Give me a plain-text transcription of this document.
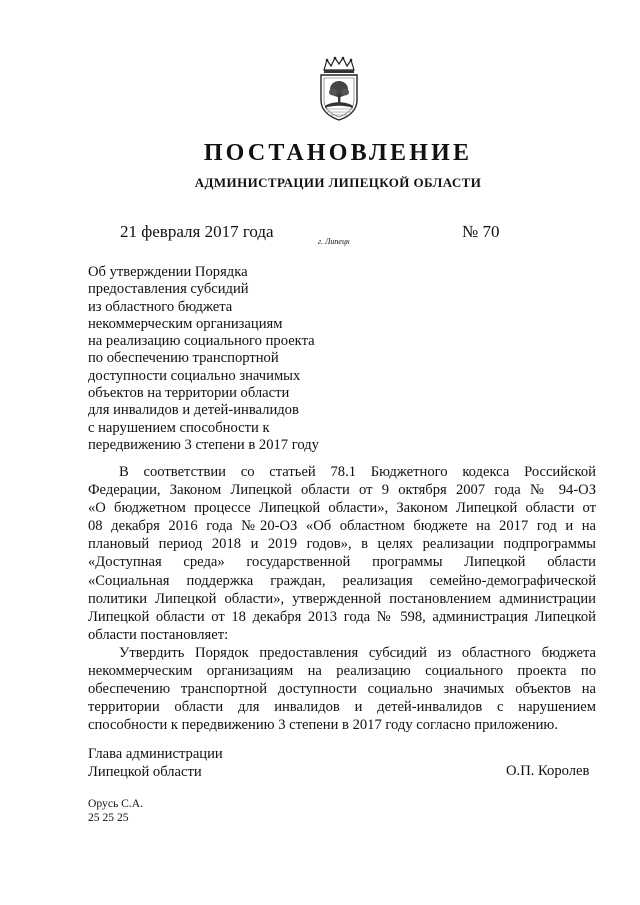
ПОСТАНОВЛЕНИЕ
АДМИНИСТРАЦИИ ЛИПЕЦКОЙ ОБЛАСТИ
21 февраля 2017 года
г. Липецк
№ 70
Об утверждении Порядка
предоставления субсидий
из областного бюджета
некоммерческим организациям
на реализацию социального проекта
по обеспечению транспортной
доступности социально значимых
объектов на территории области
для инвалидов и детей-инвалидов
с нарушением способности к
передвижению 3 степени в 2017 году
В соответствии со статьей 78.1 Бюджетного кодекса Российской
Федерации, Законом Липецкой области от 9 октября 2007 года № 94-ОЗ
«О бюджетном процессе Липецкой области», Законом Липецкой области от
08 декабря 2016 года №20-ОЗ «Об областном бюджете на 2017 год и на
плановый период 2018 и 2019 годов», в целях реализации подпрограммы
«Доступная среда» государственной программы Липецкой области
«Социальная поддержка граждан, реализация семейно-демографической
политики Липецкой области», утвержденной постановлением администрации
Липецкой области от 18 декабря 2013 года № 598, администрация Липецкой
области постановляет:
Утвердить Порядок предоставления субсидий из областного бюджета
некоммерческим организациям на реализацию социального проекта по
обеспечению транспортной доступности социально значимых объектов на
территории области для инвалидов и детей-инвалидов с нарушением
способности к передвижению 3 степени в 2017 году согласно приложению.
Глава администрации
Липецкой области	О.П. Королев
Орусь С.А.
25 25 25
